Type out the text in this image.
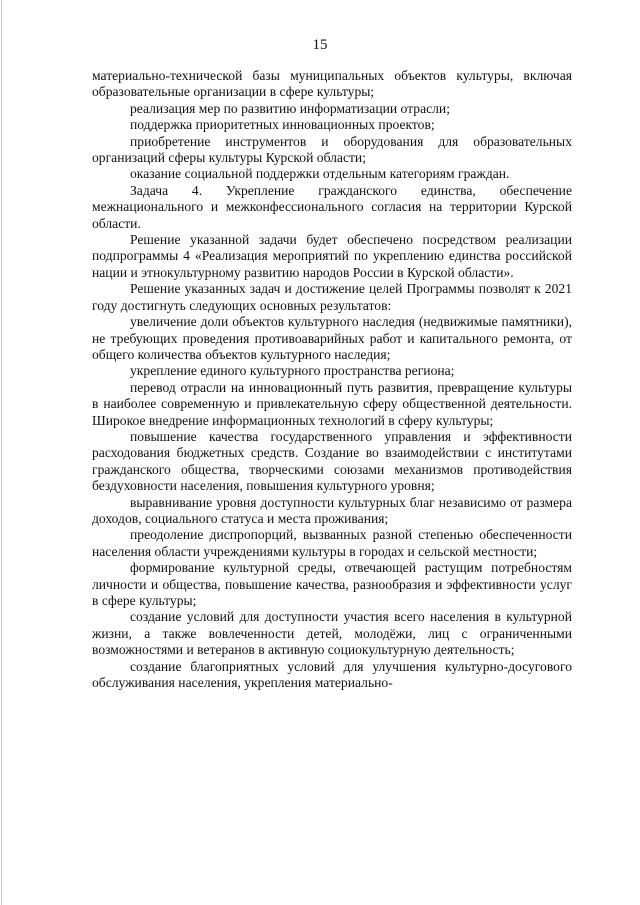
15

материально-технической базы муниципальных объектов культуры, включая образовательные организации в сфере культуры;

реализация мер по развитию информатизации отрасли;

поддержка приоритетных инновационных проектов;

приобретение инструментов и оборудования для образовательных организаций сферы культуры Курской области;

оказание социальной поддержки отдельным категориям граждан.

Задача 4. Укрепление гражданского единства, обеспечение межнационального и межконфессионального согласия на территории Курской области.

Решение указанной задачи будет обеспечено посредством реализации подпрограммы 4 «Реализация мероприятий по укреплению единства российской нации и этнокультурному развитию народов России в Курской области».

Решение указанных задач и достижение целей Программы позволят к 2021 году достигнуть следующих основных результатов:

увеличение доли объектов культурного наследия (недвижимые памятники), не требующих проведения противоаварийных работ и капитального ремонта, от общего количества объектов культурного наследия;

укрепление единого культурного пространства региона;

перевод отрасли на инновационный путь развития, превращение культуры в наиболее современную и привлекательную сферу общественной деятельности. Широкое внедрение информационных технологий в сферу культуры;

повышение качества государственного управления и эффективности расходования бюджетных средств. Создание во взаимодействии с институтами гражданского общества, творческими союзами механизмов противодействия бездуховности населения, повышения культурного уровня;

выравнивание уровня доступности культурных благ независимо от размера доходов, социального статуса и места проживания;

преодоление диспропорций, вызванных разной степенью обеспеченности населения области учреждениями культуры в городах и сельской местности;

формирование культурной среды, отвечающей растущим потребностям личности и общества, повышение качества, разнообразия и эффективности услуг в сфере культуры;

создание условий для доступности участия всего населения в культурной жизни, а также вовлеченности детей, молодёжи, лиц с ограниченными возможностями и ветеранов в активную социокультурную деятельность;

создание благоприятных условий для улучшения культурно-досугового обслуживания населения, укрепления материально-
